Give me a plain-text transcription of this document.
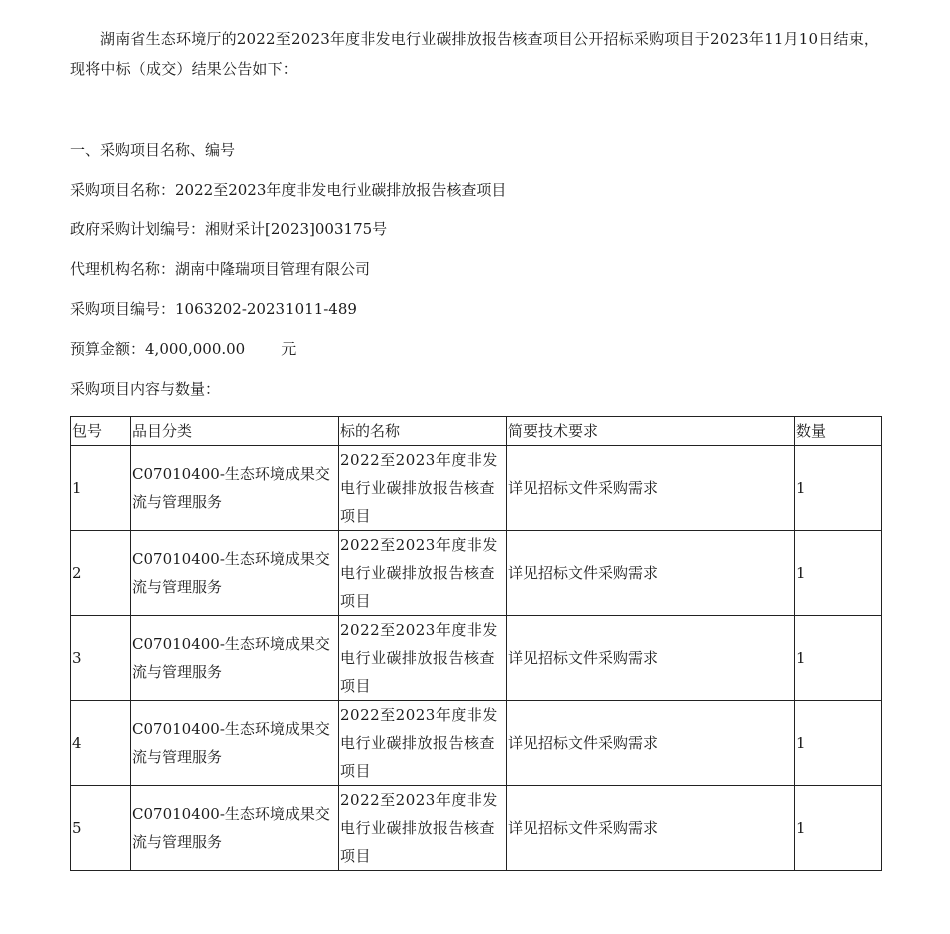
湖南省生态环境厅的2022至2023年度非发电行业碳排放报告核查项目公开招标采购项目于2023年11月10日结束，现将中标（成交）结果公告如下：
一、采购项目名称、编号
采购项目名称：2022至2023年度非发电行业碳排放报告核查项目
政府采购计划编号：湘财采计[2023]003175号
代理机构名称：湖南中隆瑞项目管理有限公司
采购项目编号：1063202-20231011-489
预算金额：4,000,000.00 元
采购项目内容与数量：
包号	品目分类	标的名称	简要技术要求	数量
1	C07010400-生态环境成果交流与管理服务	2022至2023年度非发电行业碳排放报告核查项目	详见招标文件采购需求	1
2	C07010400-生态环境成果交流与管理服务	2022至2023年度非发电行业碳排放报告核查项目	详见招标文件采购需求	1
3	C07010400-生态环境成果交流与管理服务	2022至2023年度非发电行业碳排放报告核查项目	详见招标文件采购需求	1
4	C07010400-生态环境成果交流与管理服务	2022至2023年度非发电行业碳排放报告核查项目	详见招标文件采购需求	1
5	C07010400-生态环境成果交流与管理服务	2022至2023年度非发电行业碳排放报告核查项目	详见招标文件采购需求	1
